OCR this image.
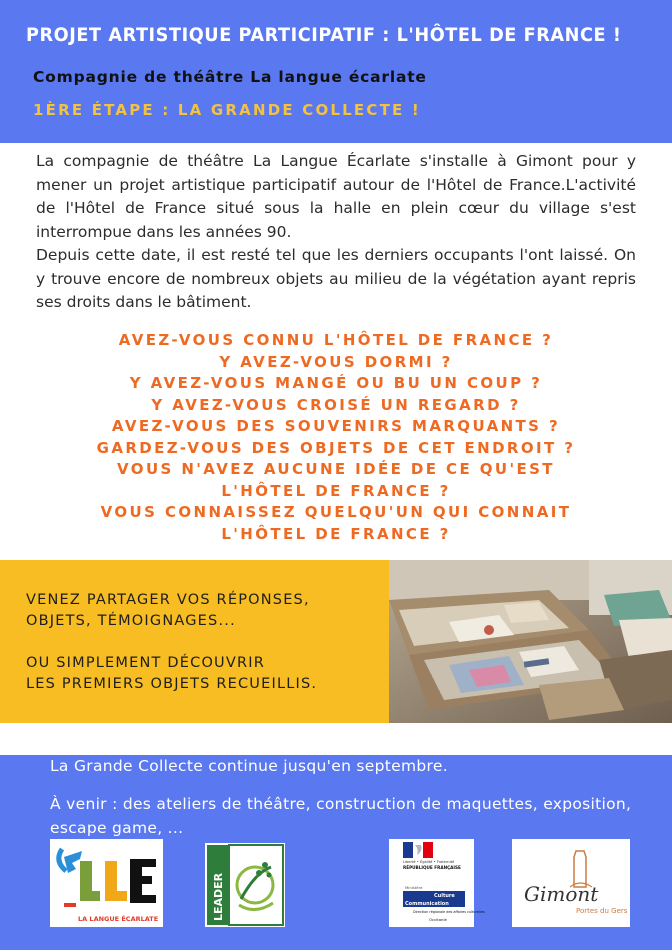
PROJET ARTISTIQUE PARTICIPATIF : L'HÔTEL DE FRANCE !
Compagnie de théâtre La langue écarlate
1ÈRE ÉTAPE : LA GRANDE COLLECTE !

La compagnie de théâtre La Langue Écarlate s'installe à Gimont pour y mener un projet artistique participatif autour de l'Hôtel de France.L'activité de l'Hôtel de France situé sous la halle en plein cœur du village s'est interrompue dans les années 90.

Depuis cette date, il est resté tel que les derniers occupants l'ont laissé. On y trouve encore de nombreux objets au milieu de la végétation ayant repris ses droits dans le bâtiment.

AVEZ-VOUS CONNU L'HÔTEL DE FRANCE ?
Y AVEZ-VOUS DORMI ?
Y AVEZ-VOUS MANGÉ OU BU UN COUP ?
Y AVEZ-VOUS CROISÉ UN REGARD ?
AVEZ-VOUS DES SOUVENIRS MARQUANTS ?
GARDEZ-VOUS DES OBJETS DE CET ENDROIT ?
VOUS N'AVEZ AUCUNE IDÉE DE CE QU'EST
L'HÔTEL DE FRANCE ?
VOUS CONNAISSEZ QUELQU'UN QUI CONNAIT
L'HÔTEL DE FRANCE ?
VENEZ PARTAGER VOS RÉPONSES,
OBJETS, TÉMOIGNAGES...
OU SIMPLEMENT DÉCOUVRIR
LES PREMIERS OBJETS RECUEILLIS.
La Grande Collecte continue jusqu'en septembre.
À venir : des ateliers de théâtre, construction de maquettes, exposition, escape game, ...
LA LANGUE ÉCARLATE	LEADER
Liberté • Égalité • Fraternité
RÉPUBLIQUE FRANÇAISE
Ministère
Culture
Communication
Direction régionale des affaires culturelles
Occitanie
Gimont
Portes du Gers
